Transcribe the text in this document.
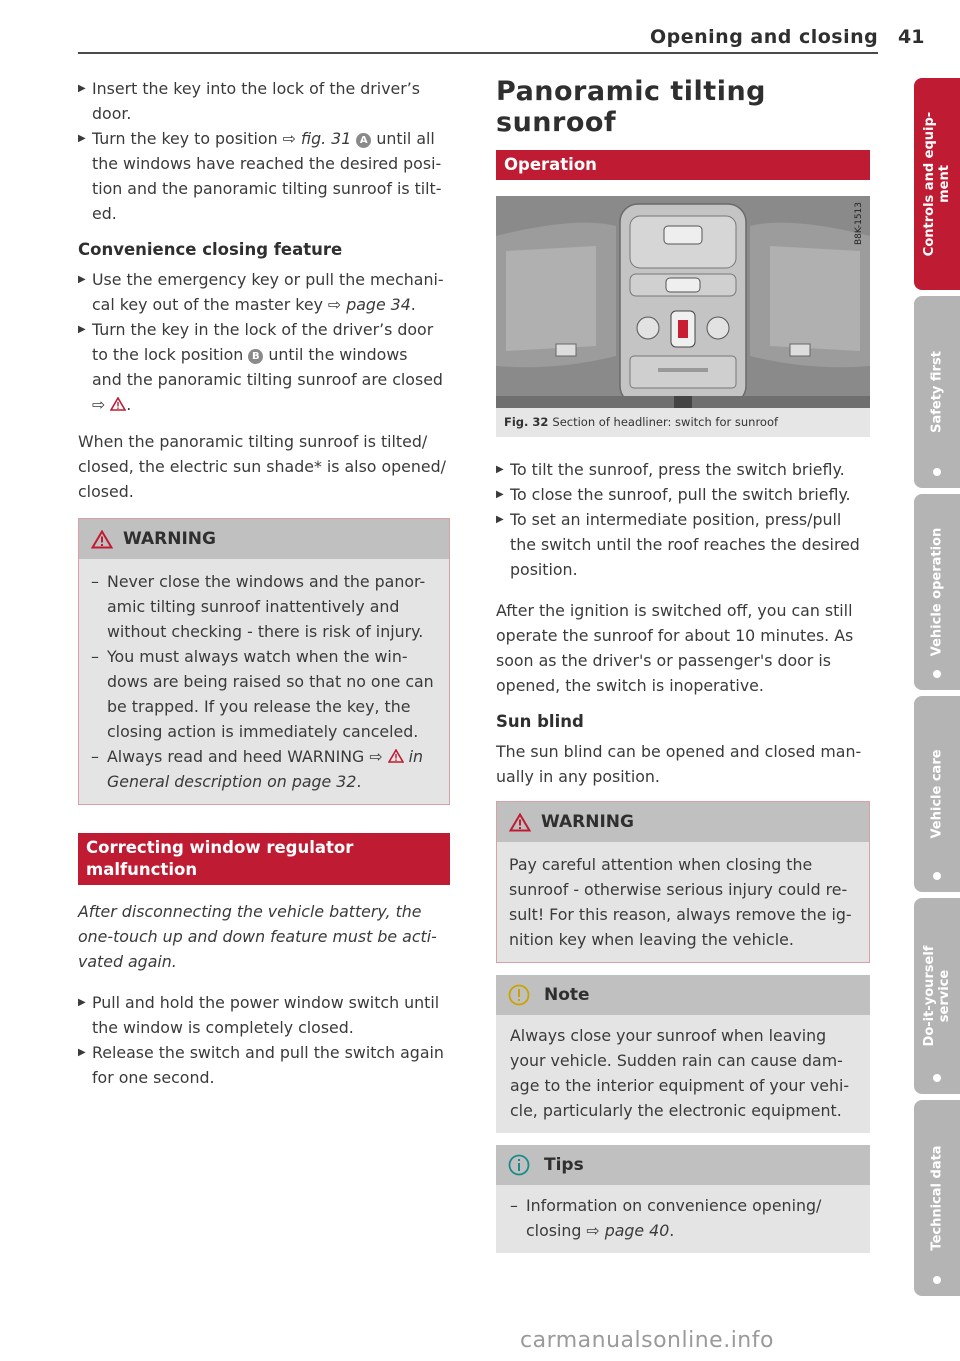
Opening and closing 41
▶ Insert the key into the lock of the driver’s

door.

▶ Turn the key to position ⇨ fig. 31 A until all the windows have reached the desired posi-

tion and the panoramic tilting sunroof is tilt-

ed.

Convenience closing feature
▶ Use the emergency key or pull the mechani-

cal key out of the master key ⇨ page 34.

▶ Turn the key in the lock of the driver’s door

to the lock position B until the windows

and the panoramic tilting sunroof are closed

⇨ .

When the panoramic tilting sunroof is tilted/

closed, the electric sun shade* is also opened/

closed.

WARNING
– Never close the windows and the panor-

amic tilting sunroof inattentively and

without checking - there is risk of injury.

– You must always watch when the win-

dows are being raised so that no one can

be trapped. If you release the key, the

closing action is immediately canceled.

– Always read and heed WARNING ⇨  in

General description on page 32.

Correcting window regulator
malfunction

After disconnecting the vehicle battery, the

one-touch up and down feature must be acti-

vated again.

▶ Pull and hold the power window switch until

the window is completely closed.

▶ Release the switch and pull the switch again

for one second.

Panoramic tilting
sunroof
Operation
B8K-1513
Fig. 32 Section of headliner: switch for sunroof
▶ To tilt the sunroof, press the switch briefly.

▶ To close the sunroof, pull the switch briefly.

▶ To set an intermediate position, press/pull

the switch until the roof reaches the desired

position.

After the ignition is switched off, you can still

operate the sunroof for about 10 minutes. As

soon as the driver's or passenger's door is

opened, the switch is inoperative.

Sun blind

The sun blind can be opened and closed man-

ually in any position.

WARNING

Pay careful attention when closing the

sunroof - otherwise serious injury could re-

sult! For this reason, always remove the ig-

nition key when leaving the vehicle.

Note

Always close your sunroof when leaving

your vehicle. Sudden rain can cause dam-

age to the interior equipment of your vehi-

cle, particularly the electronic equipment.

Tips
– Information on convenience opening/

closing ⇨ page 40.

Controls and equip- ment
Safety first
Vehicle operation
Vehicle care
Do-it-yourself service
Technical data
carmanualsonline.info
